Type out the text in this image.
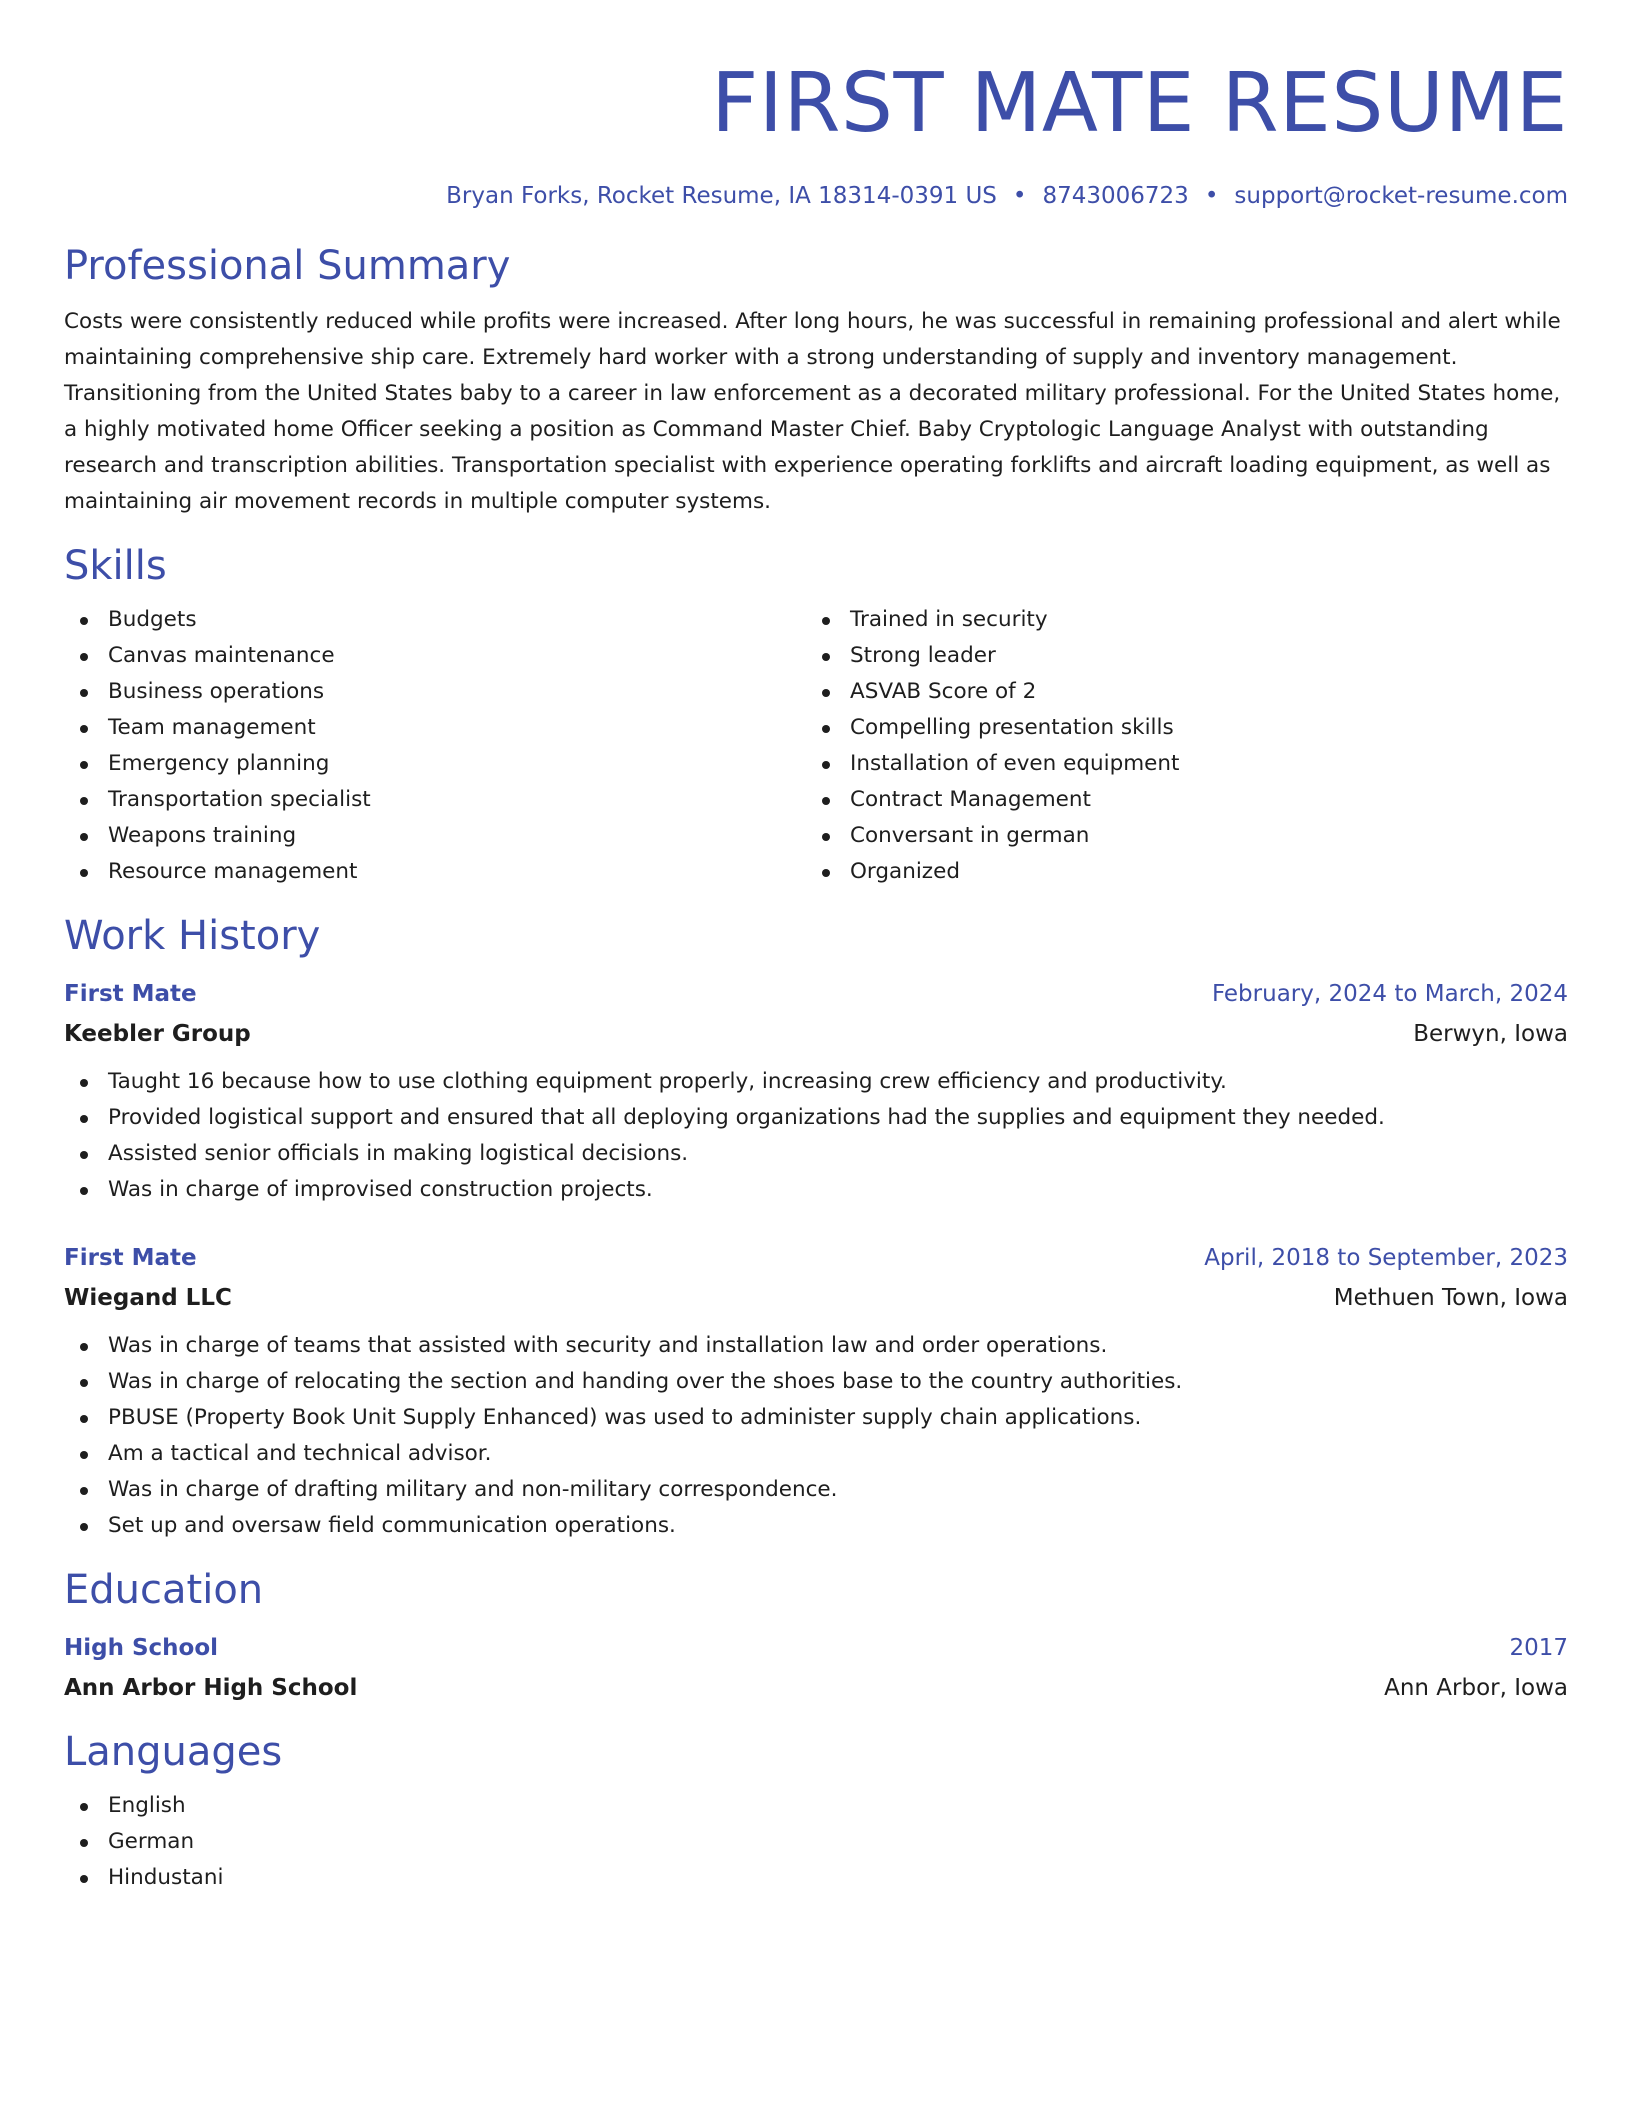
FIRST MATE RESUME
Bryan Forks, Rocket Resume, IA 18314-0391 US • 8743006723 • support@rocket-resume.com
Professional Summary
Costs were consistently reduced while profits were increased. After long hours, he was successful in remaining professional and alert while maintaining comprehensive ship care. Extremely hard worker with a strong understanding of supply and inventory management. Transitioning from the United States baby to a career in law enforcement as a decorated military professional. For the United States home, a highly motivated home Officer seeking a position as Command Master Chief. Baby Cryptologic Language Analyst with outstanding research and transcription abilities. Transportation specialist with experience operating forklifts and aircraft loading equipment, as well as maintaining air movement records in multiple computer systems.
Skills
Budgets
Canvas maintenance
Business operations
Team management
Emergency planning
Transportation specialist
Weapons training
Resource management
Trained in security
Strong leader
ASVAB Score of 2
Compelling presentation skills
Installation of even equipment
Contract Management
Conversant in german
Organized
Work History
First Mate	February, 2024 to March, 2024
Keebler Group	Berwyn, Iowa
Taught 16 because how to use clothing equipment properly, increasing crew efficiency and productivity.
Provided logistical support and ensured that all deploying organizations had the supplies and equipment they needed.
Assisted senior officials in making logistical decisions.
Was in charge of improvised construction projects.
First Mate	April, 2018 to September, 2023
Wiegand LLC	Methuen Town, Iowa
Was in charge of teams that assisted with security and installation law and order operations.
Was in charge of relocating the section and handing over the shoes base to the country authorities.
PBUSE (Property Book Unit Supply Enhanced) was used to administer supply chain applications.
Am a tactical and technical advisor.
Was in charge of drafting military and non-military correspondence.
Set up and oversaw field communication operations.
Education
High School	2017
Ann Arbor High School	Ann Arbor, Iowa
Languages
English
German
Hindustani
